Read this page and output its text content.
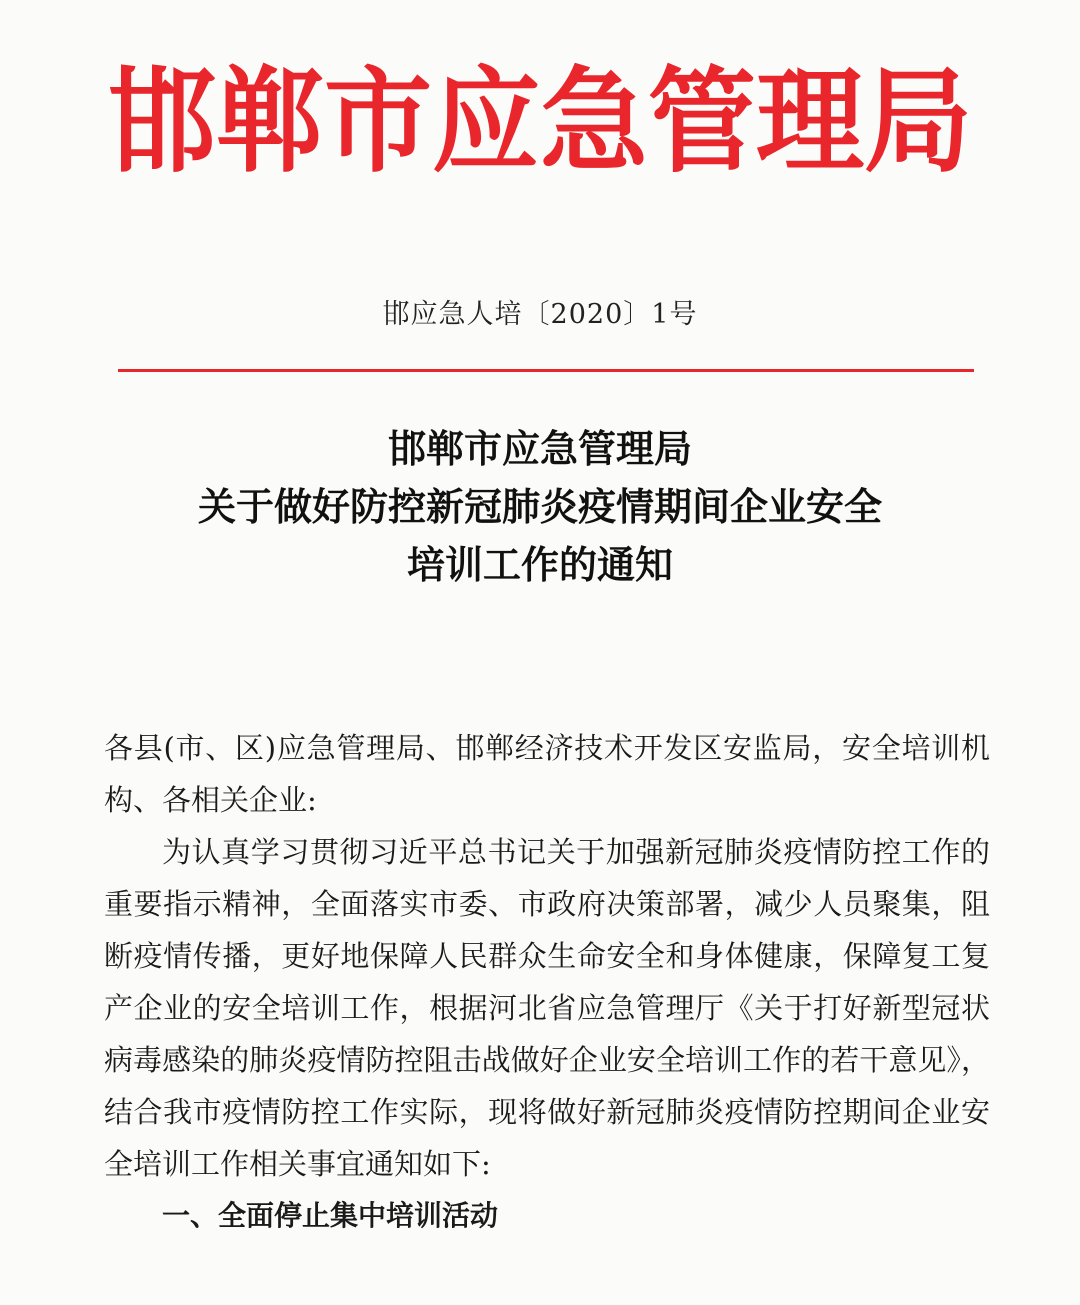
邯郸市应急管理局
邯应急人培〔2020〕1号
邯郸市应急管理局
关于做好防控新冠肺炎疫情期间企业安全
培训工作的通知

各县(市、区)应急管理局、邯郸经济技术开发区安监局，安全培训机构、各相关企业:

为认真学习贯彻习近平总书记关于加强新冠肺炎疫情防控工作的重要指示精神，全面落实市委、市政府决策部署，减少人员聚集，阻断疫情传播，更好地保障人民群众生命安全和身体健康，保障复工复产企业的安全培训工作，根据河北省应急管理厅《关于打好新型冠状病毒感染的肺炎疫情防控阻击战做好企业安全培训工作的若干意见》，结合我市疫情防控工作实际，现将做好新冠肺炎疫情防控期间企业安全培训工作相关事宜通知如下:

一、全面停止集中培训活动
